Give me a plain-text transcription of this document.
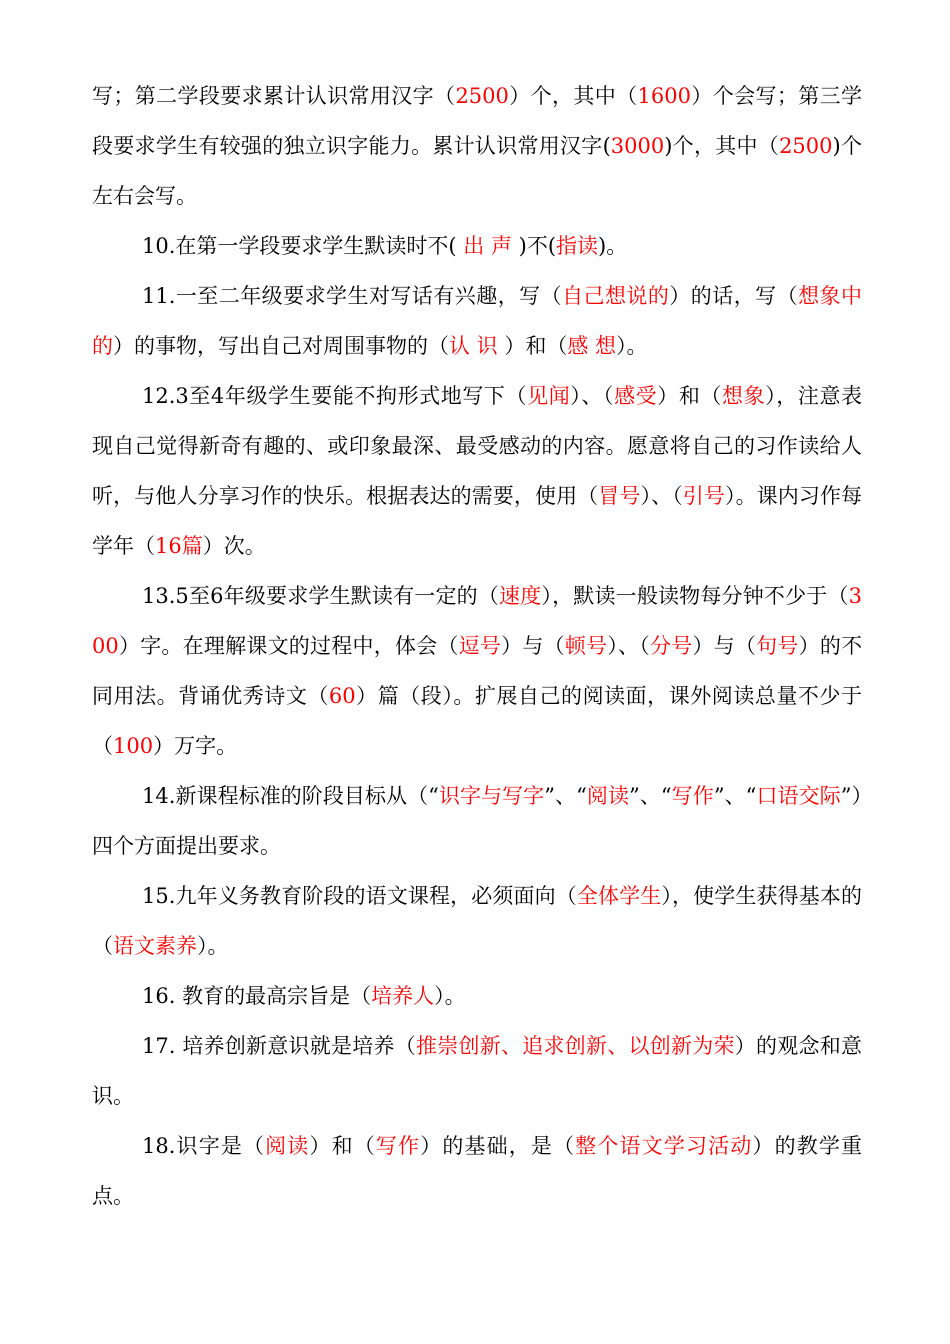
写；第二学段要求累计认识常用汉字（2500）个，其中（1600）个会写；第三学段要求学生有较强的独立识字能力。累计认识常用汉字(3000)个，其中（2500)个左右会写。

10.在第一学段要求学生默读时不( 出 声 )不(指读)。

11.一至二年级要求学生对写话有兴趣，写（自己想说的）的话，写（想象中的）的事物，写出自己对周围事物的（认 识 ）和（感 想）。

12.3至4年级学生要能不拘形式地写下（见闻）、（感受）和（想象），注意表现自己觉得新奇有趣的、或印象最深、最受感动的内容。愿意将自己的习作读给人听，与他人分享习作的快乐。根据表达的需要，使用（冒号）、（引号）。课内习作每学年（16篇）次。

13.5至6年级要求学生默读有一定的（速度），默读一般读物每分钟不少于（300）字。在理解课文的过程中，体会（逗号）与（顿号）、（分号）与（句号）的不同用法。背诵优秀诗文（60）篇（段）。扩展自己的阅读面，课外阅读总量不少于（100）万字。

14.新课程标准的阶段目标从（“识字与写字”、“阅读”、“写作”、“口语交际”）四个方面提出要求。

15.九年义务教育阶段的语文课程，必须面向（全体学生），使学生获得基本的（语文素养）。

16. 教育的最高宗旨是（培养人）。

17. 培养创新意识就是培养（推崇创新、追求创新、以创新为荣）的观念和意识。

18.识字是（阅读）和（写作）的基础，是（整个语文学习活动）的教学重点。
